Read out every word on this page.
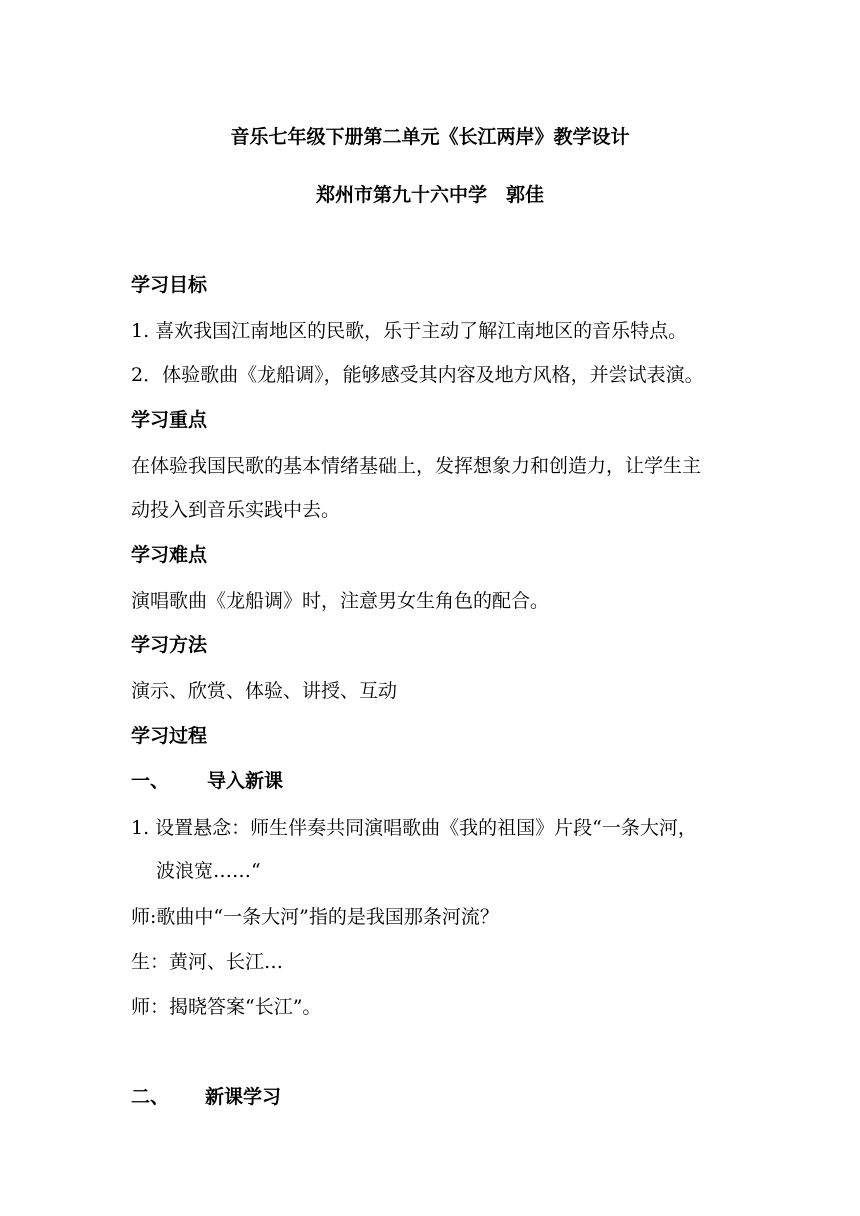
音乐七年级下册第二单元《长江两岸》教学设计
郑州市第九十六中学　郭佳
学习目标
1. 喜欢我国江南地区的民歌，乐于主动了解江南地区的音乐特点。
2．体验歌曲《龙船调》，能够感受其内容及地方风格，并尝试表演。
学习重点
在体验我国民歌的基本情绪基础上，发挥想象力和创造力，让学生主
动投入到音乐实践中去。
学习难点
演唱歌曲《龙船调》时，注意男女生角色的配合。
学习方法
演示、欣赏、体验、讲授、互动
学习过程
一、 导入新课
1. 设置悬念：师生伴奏共同演唱歌曲《我的祖国》片段“一条大河，
波浪宽……“
师:歌曲中“一条大河”指的是我国那条河流？
生：黄河、长江…
师：揭晓答案“长江”。
二、 新课学习
